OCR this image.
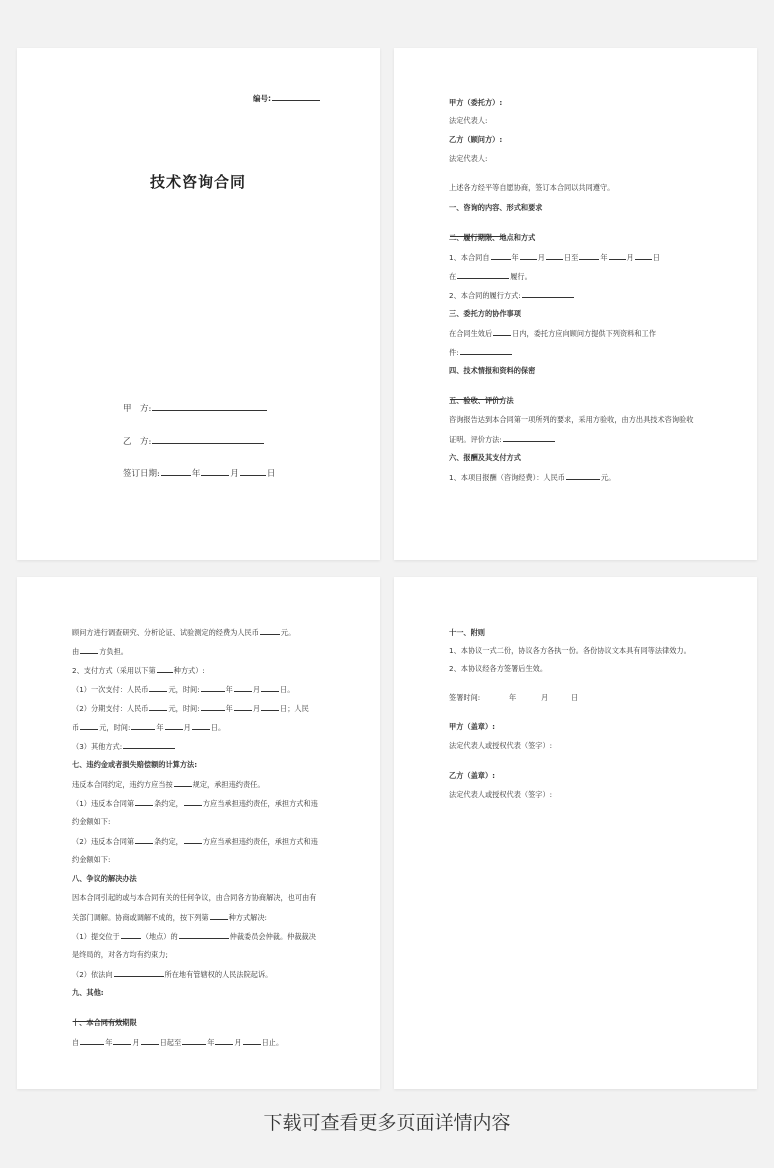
编号:
技术咨询合同
甲　方:
乙　方:
签订日期:	年	月	日
甲方（委托方）:
法定代表人:
乙方（顾问方）:
法定代表人:
上述各方经平等自愿协商，签订本合同以共同遵守。
一、咨询的内容、形式和要求
二、履行期限、地点和方式
1、本合同自	年	月	日至	年	月	日
在	履行。
2、本合同的履行方式:
三、委托方的协作事项
在合同生效后	日内，委托方应向顾问方提供下列资料和工作
件:
四、技术情报和资料的保密
五、验收、评价方法
咨询报告达到本合同第一项所列的要求，采用方验收，由方出具技术咨询验收
证明。评价方法:
六、报酬及其支付方式
1、本项目报酬（咨询经费）：人民币	元。
顾问方进行调查研究、分析论证、试验测定的经费为人民币	元。
由	方负担。
2、支付方式（采用以下第	种方式）:
（1）一次支付：人民币	元，时间:	年	月	日。
（2）分期支付：人民币	元，时间:	年	月	日；人民
币	元，时间:	年	月	日。
（3）其他方式:
七、违约金或者损失赔偿额的计算方法:
违反本合同约定，违约方应当按	规定，承担违约责任。
（1）违反本合同第	条约定，	方应当承担违约责任，承担方式和违
约金额如下:
（2）违反本合同第	条约定，	方应当承担违约责任，承担方式和违
约金额如下:
八、争议的解决办法
因本合同引起的或与本合同有关的任何争议，由合同各方协商解决，也可由有
关部门调解。协商或调解不成的，按下列第	种方式解决:
（1）提交位于	（地点）的	仲裁委员会仲裁。仲裁裁决
是终局的，对各方均有约束力;
（2）依法向	所在地有管辖权的人民法院起诉。
九、其他:
十、本合同有效期限
自	年	月	日起至	年	月	日止。
十一、附则
1、本协议一式二份，协议各方各执一份。各份协议文本具有同等法律效力。
2、本协议经各方签署后生效。
签署时间:	年	月	日
甲方（盖章）:
法定代表人或授权代表（签字）:
乙方（盖章）:
法定代表人或授权代表（签字）:
下载可查看更多页面详情内容
